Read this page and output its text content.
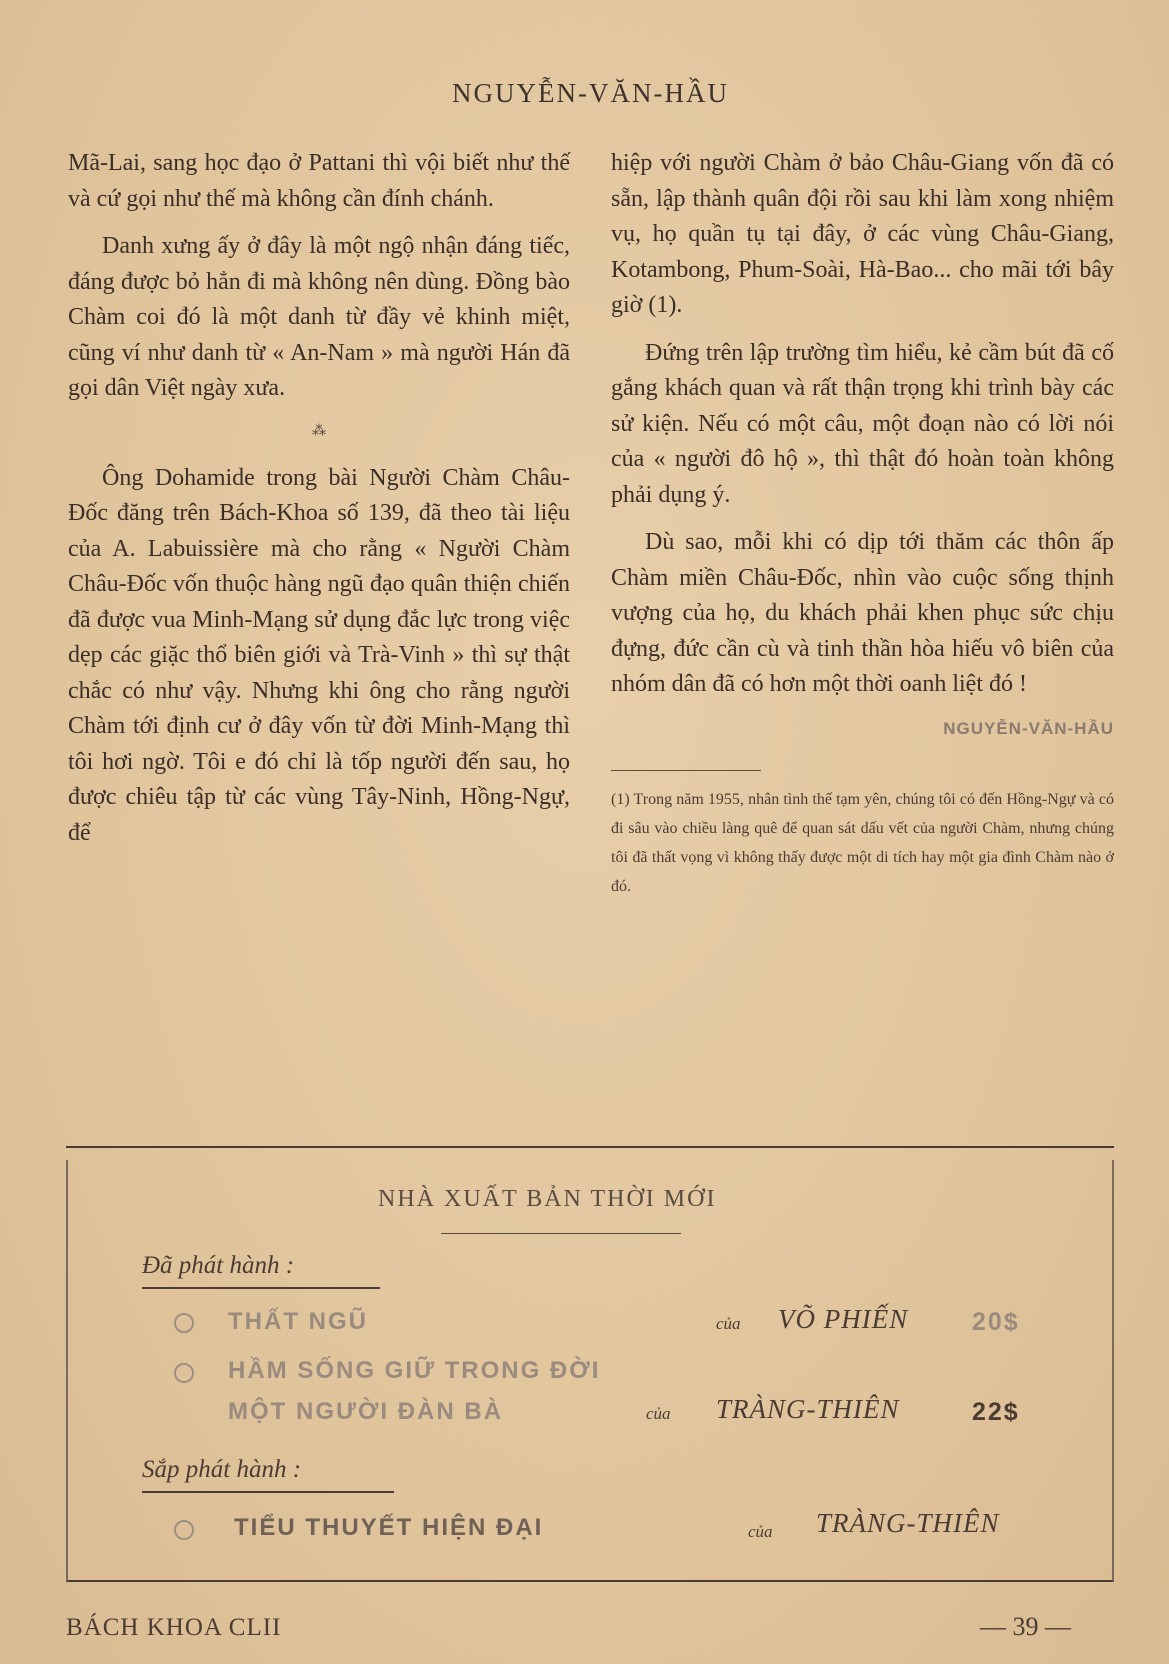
NGUYỄN-VĂN-HẦU

Mã-Lai, sang học đạo ở Pattani thì vội biết như thế và cứ gọi như thế mà không cần đính chánh.

Danh xưng ấy ở đây là một ngộ nhận đáng tiếc, đáng được bỏ hẳn đi mà không nên dùng. Đồng bào Chàm coi đó là một danh từ đầy vẻ khinh miệt, cũng ví như danh từ « An-Nam » mà người Hán đã gọi dân Việt ngày xưa.

⁂

Ông Dohamide trong bài Người Chàm Châu-Đốc đăng trên Bách-Khoa số 139, đã theo tài liệu của A. Labuissière mà cho rằng « Người Chàm Châu-Đốc vốn thuộc hàng ngũ đạo quân thiện chiến đã được vua Minh-Mạng sử dụng đắc lực trong việc dẹp các giặc thổ biên giới và Trà-Vinh » thì sự thật chắc có như vậy. Nhưng khi ông cho rằng người Chàm tới định cư ở đây vốn từ đời Minh-Mạng thì tôi hơi ngờ. Tôi e đó chỉ là tốp người đến sau, họ được chiêu tập từ các vùng Tây-Ninh, Hồng-Ngự, để

hiệp với người Chàm ở bảo Châu-Giang vốn đã có sẵn, lập thành quân đội rồi sau khi làm xong nhiệm vụ, họ quần tụ tại đây, ở các vùng Châu-Giang, Kotambong, Phum-Soài, Hà-Bao... cho mãi tới bây giờ (1).

Đứng trên lập trường tìm hiểu, kẻ cầm bút đã cố gắng khách quan và rất thận trọng khi trình bày các sử kiện. Nếu có một câu, một đoạn nào có lời nói của « người đô hộ », thì thật đó hoàn toàn không phải dụng ý.

Dù sao, mỗi khi có dịp tới thăm các thôn ấp Chàm miền Châu-Đốc, nhìn vào cuộc sống thịnh vượng của họ, du khách phải khen phục sức chịu đựng, đức cần cù và tinh thần hòa hiếu vô biên của nhóm dân đã có hơn một thời oanh liệt đó !

NGUYỄN-VĂN-HẦU
(1) Trong năm 1955, nhân tình thế tạm yên, chúng tôi có đến Hồng-Ngự và có đi sâu vào chiều làng quê để quan sát dấu vết của người Chàm, nhưng chúng tôi đã thất vọng vì không thấy được một di tích hay một gia đình Chàm nào ở đó.
NHÀ XUẤT BẢN THỜI MỚI
Đã phát hành :
THẤT NGŨ	của VÕ PHIẾN	20$
HẦM SỐNG GIỮ TRONG ĐỜI
MỘT NGƯỜI ĐÀN BÀ	của TRÀNG-THIÊN	22$
Sắp phát hành :
TIỂU THUYẾT HIỆN ĐẠI	của TRÀNG-THIÊN
BÁCH KHOA CLII	— 39 —
